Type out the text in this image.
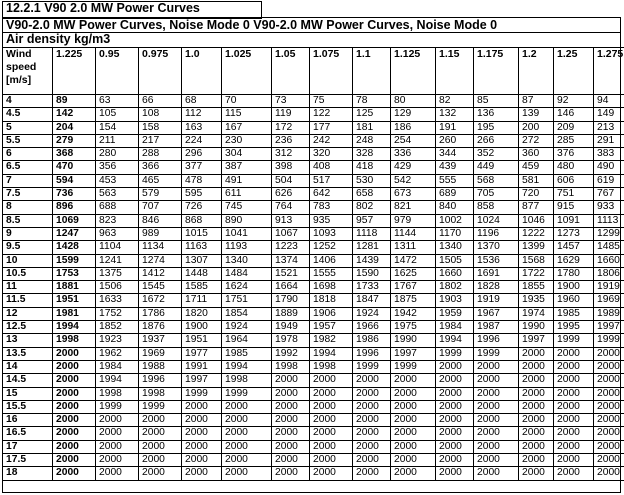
12.2.1 V90 2.0 MW Power Curves
V90-2.0 MW Power Curves, Noise Mode 0 V90-2.0 MW Power Curves, Noise Mode 0
Air density kg/m3
Wind speed [m/s]	1.225	0.95	0.975	1.0	1.025	1.05	1.075	1.1	1.125	1.15	1.175	1.2	1.25	1.275
4	89	63	66	68	70	73	75	78	80	82	85	87	92	94
4.5	142	105	108	112	115	119	122	125	129	132	136	139	146	149
5	204	154	158	163	167	172	177	181	186	191	195	200	209	213
5.5	279	211	217	224	230	236	242	248	254	260	266	272	285	291
6	368	280	288	296	304	312	320	328	336	344	352	360	376	383
6.5	470	356	366	377	387	398	408	418	429	439	449	459	480	490
7	594	453	465	478	491	504	517	530	542	555	568	581	606	619
7.5	736	563	579	595	611	626	642	658	673	689	705	720	751	767
8	896	688	707	726	745	764	783	802	821	840	858	877	915	933
8.5	1069	823	846	868	890	913	935	957	979	1002	1024	1046	1091	1113
9	1247	963	989	1015	1041	1067	1093	1118	1144	1170	1196	1222	1273	1299
9.5	1428	1104	1134	1163	1193	1223	1252	1281	1311	1340	1370	1399	1457	1485
10	1599	1241	1274	1307	1340	1374	1406	1439	1472	1505	1536	1568	1629	1660
10.5	1753	1375	1412	1448	1484	1521	1555	1590	1625	1660	1691	1722	1780	1806
11	1881	1506	1545	1585	1624	1664	1698	1733	1767	1802	1828	1855	1900	1919
11.5	1951	1633	1672	1711	1751	1790	1818	1847	1875	1903	1919	1935	1960	1969
12	1981	1752	1786	1820	1854	1889	1906	1924	1942	1959	1967	1974	1985	1989
12.5	1994	1852	1876	1900	1924	1949	1957	1966	1975	1984	1987	1990	1995	1997
13	1998	1923	1937	1951	1964	1978	1982	1986	1990	1994	1996	1997	1999	1999
13.5	2000	1962	1969	1977	1985	1992	1994	1996	1997	1999	1999	2000	2000	2000
14	2000	1984	1988	1991	1994	1998	1998	1999	1999	2000	2000	2000	2000	2000
14.5	2000	1994	1996	1997	1998	2000	2000	2000	2000	2000	2000	2000	2000	2000
15	2000	1998	1998	1999	1999	2000	2000	2000	2000	2000	2000	2000	2000	2000
15.5	2000	1999	1999	2000	2000	2000	2000	2000	2000	2000	2000	2000	2000	2000
16	2000	2000	2000	2000	2000	2000	2000	2000	2000	2000	2000	2000	2000	2000
16.5	2000	2000	2000	2000	2000	2000	2000	2000	2000	2000	2000	2000	2000	2000
17	2000	2000	2000	2000	2000	2000	2000	2000	2000	2000	2000	2000	2000	2000
17.5	2000	2000	2000	2000	2000	2000	2000	2000	2000	2000	2000	2000	2000	2000
18	2000	2000	2000	2000	2000	2000	2000	2000	2000	2000	2000	2000	2000	2000
